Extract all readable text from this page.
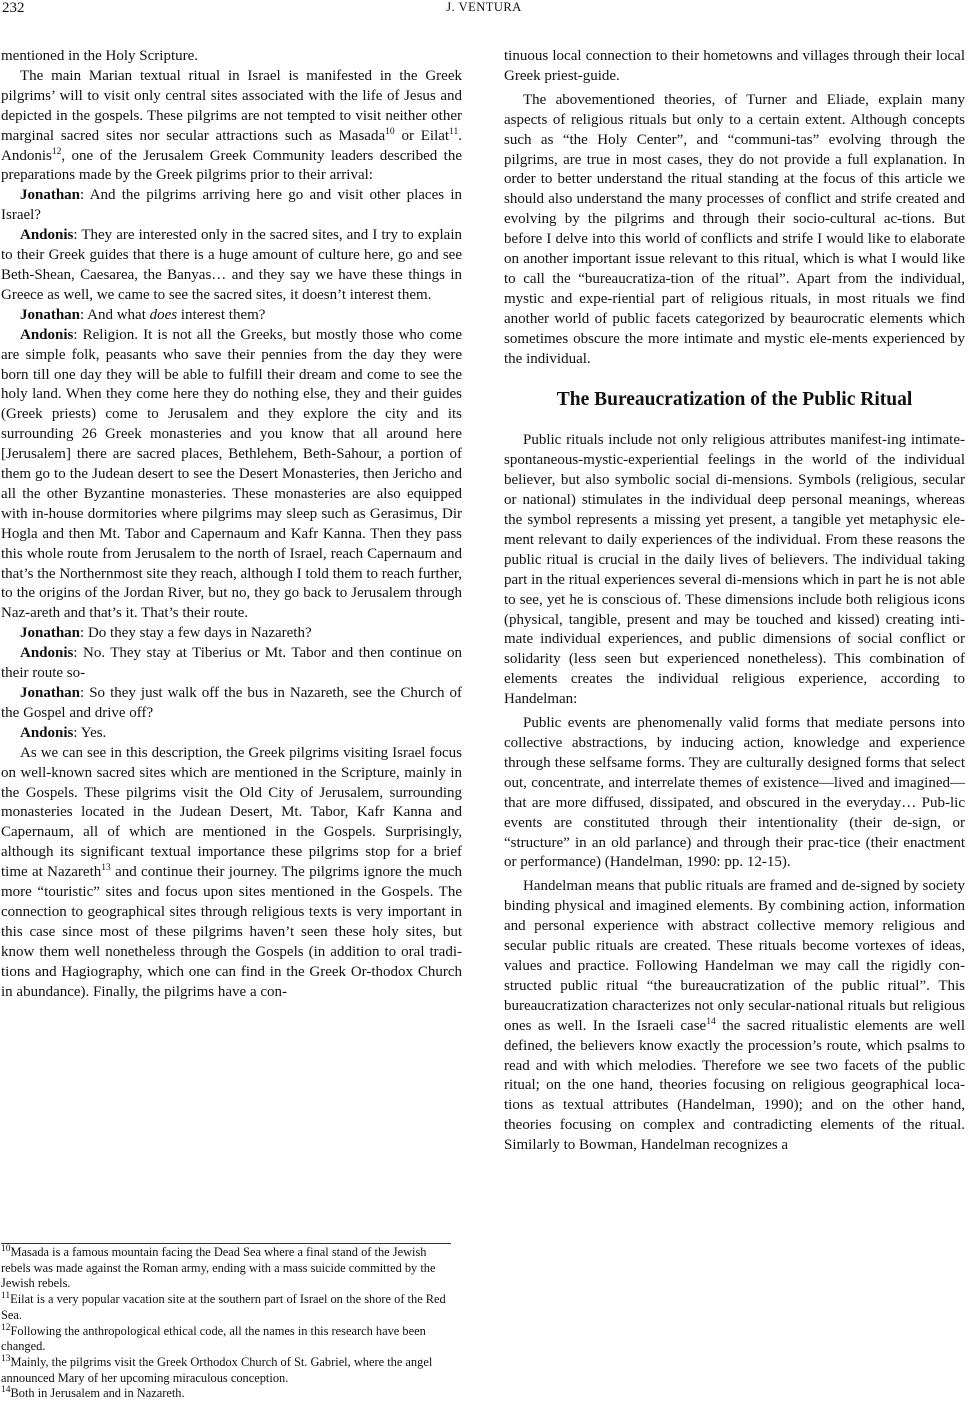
232	J. VENTURA

mentioned in the Holy Scripture.

The main Marian textual ritual in Israel is manifested in the Greek pilgrims’ will to visit only central sites associated with the life of Jesus and depicted in the gospels. These pilgrims are not tempted to visit neither other marginal sacred sites nor secular attractions such as Masada$^{10}$ or Eilat$^{11}$. Andonis$^{12}$, one of the Jerusalem Greek Community leaders described the preparations made by the Greek pilgrims prior to their arrival:

Jonathan: And the pilgrims arriving here go and visit other places in Israel?

Andonis: They are interested only in the sacred sites, and I try to explain to their Greek guides that there is a huge amount of culture here, go and see Beth-Shean, Caesarea, the Banyas… and they say we have these things in Greece as well, we came to see the sacred sites, it doesn’t interest them.

Jonathan: And what does interest them?

Andonis: Religion. It is not all the Greeks, but mostly those who come are simple folk, peasants who save their pennies from the day they were born till one day they will be able to fulfill their dream and come to see the holy land. When they come here they do nothing else, they and their guides (Greek priests) come to Jerusalem and they explore the city and its surrounding 26 Greek monasteries and you know that all around here [Jerusalem] there are sacred places, Bethlehem, Beth-Sahour, a portion of them go to the Judean desert to see the Desert Monasteries, then Jericho and all the other Byzantine monasteries. These monasteries are also equipped with in-house dormitories where pilgrims may sleep such as Gerasimus, Dir Hogla and then Mt. Tabor and Capernaum and Kafr Kanna. Then they pass this whole route from Jerusalem to the north of Israel, reach Capernaum and that’s the Northernmost site they reach, although I told them to reach further, to the origins of the Jordan River, but no, they go back to Jerusalem through Naz-areth and that’s it. That’s their route.

Jonathan: Do they stay a few days in Nazareth?

Andonis: No. They stay at Tiberius or Mt. Tabor and then continue on their route so-

Jonathan: So they just walk off the bus in Nazareth, see the Church of the Gospel and drive off?

Andonis: Yes.

As we can see in this description, the Greek pilgrims visiting Israel focus on well-known sacred sites which are mentioned in the Scripture, mainly in the Gospels. These pilgrims visit the Old City of Jerusalem, surrounding monasteries located in the Judean Desert, Mt. Tabor, Kafr Kanna and Capernaum, all of which are mentioned in the Gospels. Surprisingly, although its significant textual importance these pilgrims stop for a brief time at Nazareth$^{13}$ and continue their journey. The pilgrims ignore the much more “touristic” sites and focus upon sites mentioned in the Gospels. The connection to geographical sites through religious texts is very important in this case since most of these pilgrims haven’t seen these holy sites, but know them well nonetheless through the Gospels (in addition to oral tradi-tions and Hagiography, which one can find in the Greek Or-thodox Church in abundance). Finally, the pilgrims have a con-

tinuous local connection to their hometowns and villages through their local Greek priest-guide.

The abovementioned theories, of Turner and Eliade, explain many aspects of religious rituals but only to a certain extent. Although concepts such as “the Holy Center”, and “communi-tas” evolving through the pilgrims, are true in most cases, they do not provide a full explanation. In order to better understand the ritual standing at the focus of this article we should also understand the many processes of conflict and strife created and evolving by the pilgrims and through their socio-cultural ac-tions. But before I delve into this world of conflicts and strife I would like to elaborate on another important issue relevant to this ritual, which is what I would like to call the “bureaucratiza-tion of the ritual”. Apart from the individual, mystic and expe-riential part of religious rituals, in most rituals we find another world of public facets categorized by beaurocratic elements which sometimes obscure the more intimate and mystic ele-ments experienced by the individual.

The Bureaucratization of the Public Ritual

Public rituals include not only religious attributes manifest-ing intimate-spontaneous-mystic-experiential feelings in the world of the individual believer, but also symbolic social di-mensions. Symbols (religious, secular or national) stimulates in the individual deep personal meanings, whereas the symbol represents a missing yet present, a tangible yet metaphysic ele-ment relevant to daily experiences of the individual. From these reasons the public ritual is crucial in the daily lives of believers. The individual taking part in the ritual experiences several di-mensions which in part he is not able to see, yet he is conscious of. These dimensions include both religious icons (physical, tangible, present and may be touched and kissed) creating inti-mate individual experiences, and public dimensions of social conflict or solidarity (less seen but experienced nonetheless). This combination of elements creates the individual religious experience, according to Handelman:

Public events are phenomenally valid forms that mediate persons into collective abstractions, by inducing action, knowledge and experience through these selfsame forms. They are culturally designed forms that select out, concentrate, and interrelate themes of existence—lived and imagined—that are more diffused, dissipated, and obscured in the everyday… Pub-lic events are constituted through their intentionality (their de-sign, or “structure” in an old parlance) and through their prac-tice (their enactment or performance) (Handelman, 1990: pp. 12-15).

Handelman means that public rituals are framed and de-signed by society binding physical and imagined elements. By combining action, information and personal experience with abstract collective memory religious and secular public rituals are created. These rituals become vortexes of ideas, values and practice. Following Handelman we may call the rigidly con-structed public ritual “the bureaucratization of the public ritual”. This bureaucratization characterizes not only secular-national rituals but religious ones as well. In the Israeli case$^{14}$ the sacred ritualistic elements are well defined, the believers know exactly the procession’s route, which psalms to read and with which melodies. Therefore we see two facets of the public ritual; on the one hand, theories focusing on religious geographical loca-tions as textual attributes (Handelman, 1990); and on the other hand, theories focusing on complex and contradicting elements of the ritual. Similarly to Bowman, Handelman recognizes a

$^{10}$Masada is a famous mountain facing the Dead Sea where a final stand of the Jewish rebels was made against the Roman army, ending with a mass suicide committed by the Jewish rebels.
$^{11}$Eilat is a very popular vacation site at the southern part of Israel on the shore of the Red Sea.
$^{12}$Following the anthropological ethical code, all the names in this research have been changed.
$^{13}$Mainly, the pilgrims visit the Greek Orthodox Church of St. Gabriel, where the angel announced Mary of her upcoming miraculous conception.
$^{14}$Both in Jerusalem and in Nazareth.
